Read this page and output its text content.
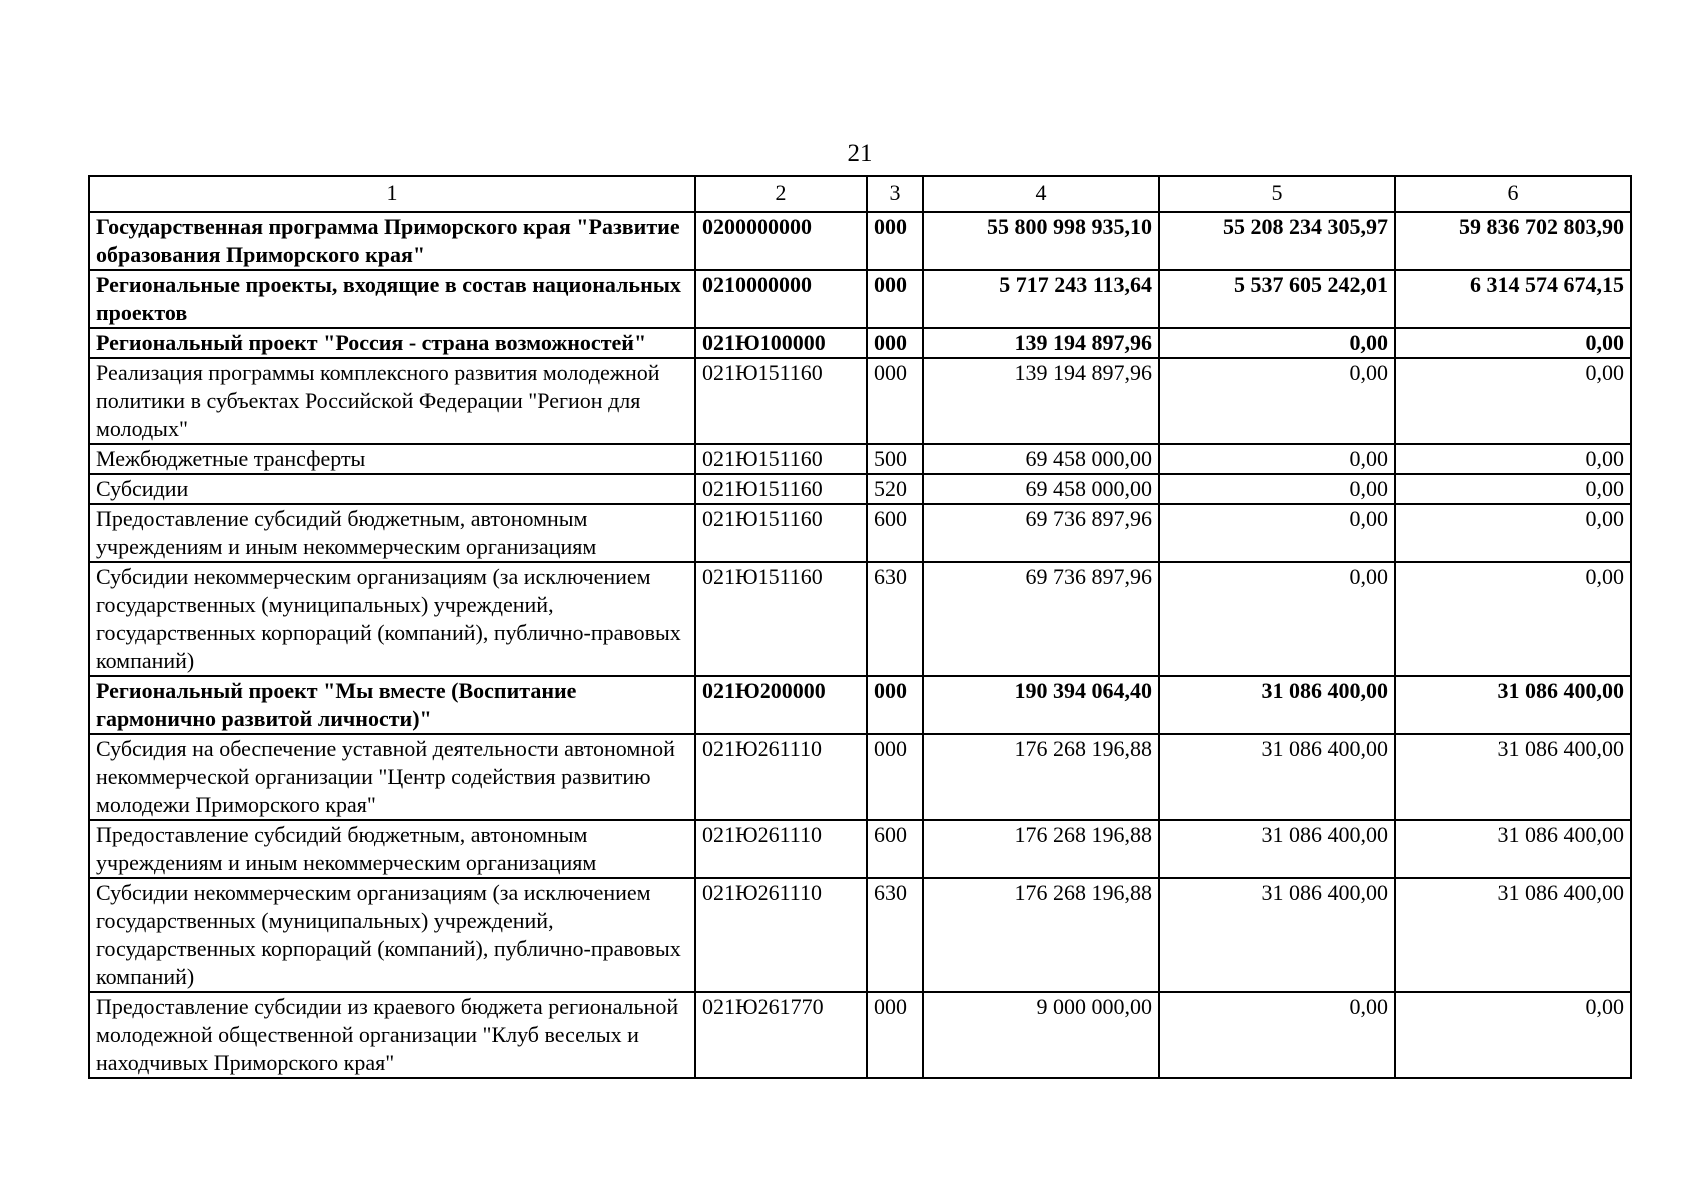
21
1	2	3	4	5	6
Государственная программа Приморского края "Развитие образования Приморского края"	0200000000	000	55 800 998 935,10	55 208 234 305,97	59 836 702 803,90
Региональные проекты, входящие в состав национальных проектов	0210000000	000	5 717 243 113,64	5 537 605 242,01	6 314 574 674,15
Региональный проект "Россия - страна возможностей"	021Ю100000	000	139 194 897,96	0,00	0,00
Реализация программы комплексного развития молодежной политики в субъектах Российской Федерации "Регион для молодых"	021Ю151160	000	139 194 897,96	0,00	0,00
Межбюджетные трансферты	021Ю151160	500	69 458 000,00	0,00	0,00
Субсидии	021Ю151160	520	69 458 000,00	0,00	0,00
Предоставление субсидий бюджетным, автономным учреждениям и иным некоммерческим организациям	021Ю151160	600	69 736 897,96	0,00	0,00
Субсидии некоммерческим организациям (за исключением государственных (муниципальных) учреждений, государственных корпораций (компаний), публично-правовых компаний)	021Ю151160	630	69 736 897,96	0,00	0,00
Региональный проект "Мы вместе (Воспитание гармонично развитой личности)"	021Ю200000	000	190 394 064,40	31 086 400,00	31 086 400,00
Субсидия на обеспечение уставной деятельности автономной некоммерческой организации "Центр содействия развитию молодежи Приморского края"	021Ю261110	000	176 268 196,88	31 086 400,00	31 086 400,00
Предоставление субсидий бюджетным, автономным учреждениям и иным некоммерческим организациям	021Ю261110	600	176 268 196,88	31 086 400,00	31 086 400,00
Субсидии некоммерческим организациям (за исключением государственных (муниципальных) учреждений, государственных корпораций (компаний), публично-правовых компаний)	021Ю261110	630	176 268 196,88	31 086 400,00	31 086 400,00
Предоставление субсидии из краевого бюджета региональной молодежной общественной организации "Клуб веселых и находчивых Приморского края"	021Ю261770	000	9 000 000,00	0,00	0,00
